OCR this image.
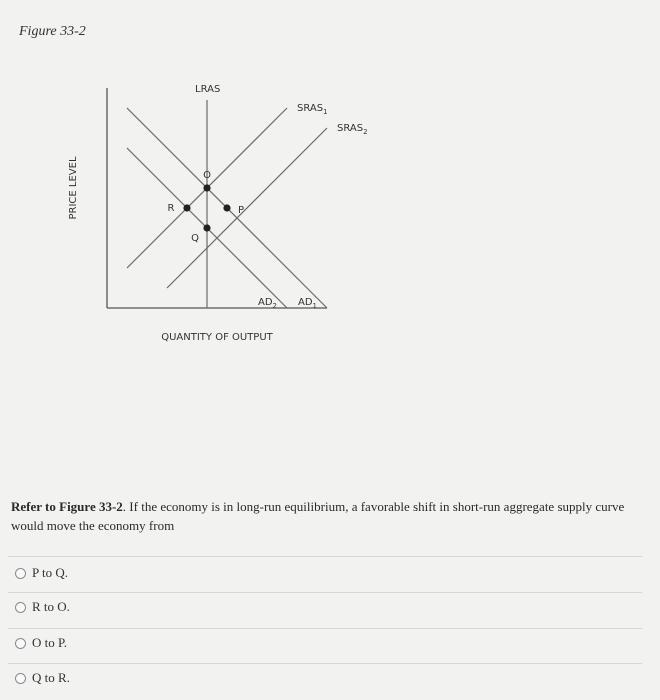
Figure 33-2
QUANTITY OF OUTPUT
PRICE LEVEL
LRAS
$SRAS_1$
$SRAS_2$
$AD_1$
$AD_2$
O
R	P
Q
Refer to Figure 33-2. If the economy is in long-run equilibrium, a favorable shift in short-run aggregate supply curve would move the economy from
P to Q.
R to O.
O to P.
Q to R.
